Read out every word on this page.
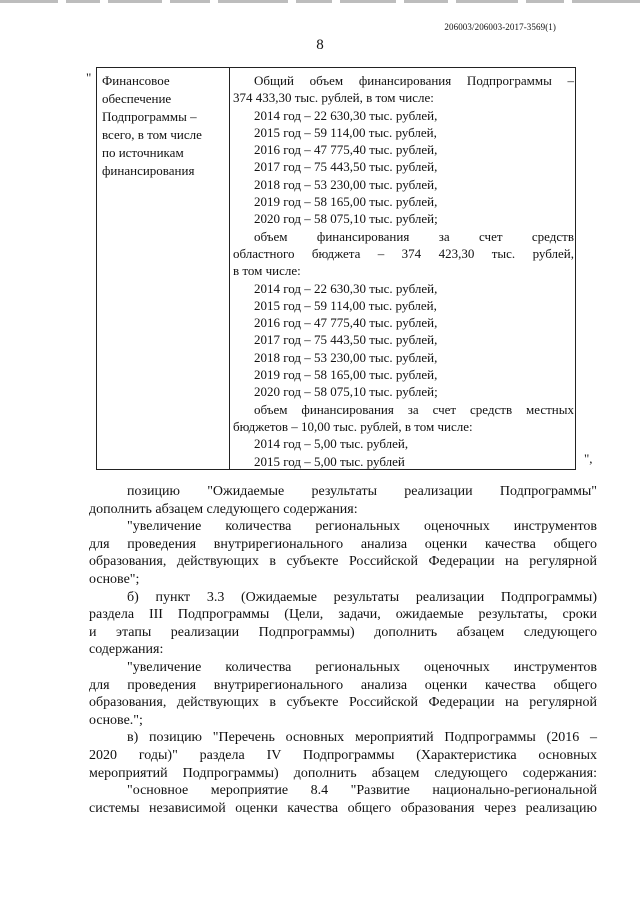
206003/206003-2017-3569(1)
8
" Финансовое
обеспечение
Подпрограммы –
всего, в том числе
по источникам
финансирования

Общий объем финансирования Подпрограммы –

374 433,30 тыс. рублей, в том числе:

2014 год – 22 630,30 тыс. рублей,

2015 год – 59 114,00 тыс. рублей,

2016 год – 47 775,40 тыс. рублей,

2017 год – 75 443,50 тыс. рублей,

2018 год – 53 230,00 тыс. рублей,

2019 год – 58 165,00 тыс. рублей,

2020 год – 58 075,10 тыс. рублей;

объем финансирования за счет средств

областного бюджета – 374 423,30 тыс. рублей,

в том числе:

2014 год – 22 630,30 тыс. рублей,

2015 год – 59 114,00 тыс. рублей,

2016 год – 47 775,40 тыс. рублей,

2017 год – 75 443,50 тыс. рублей,

2018 год – 53 230,00 тыс. рублей,

2019 год – 58 165,00 тыс. рублей,

2020 год – 58 075,10 тыс. рублей;

объем финансирования за счет средств местных

бюджетов – 10,00 тыс. рублей, в том числе:

2014 год – 5,00 тыс. рублей,

2015 год – 5,00 тыс. рублей	",

позицию "Ожидаемые результаты реализации Подпрограммы"

дополнить абзацем следующего содержания:

"увеличение количества региональных оценочных инструментов

для проведения внутрирегионального анализа оценки качества общего

образования, действующих в субъекте Российской Федерации на регулярной

основе";

б) пункт 3.3 (Ожидаемые результаты реализации Подпрограммы)

раздела III Подпрограммы (Цели, задачи, ожидаемые результаты, сроки

и этапы реализации Подпрограммы) дополнить абзацем следующего

содержания:

"увеличение количества региональных оценочных инструментов

для проведения внутрирегионального анализа оценки качества общего

образования, действующих в субъекте Российской Федерации на регулярной

основе.";

в) позицию "Перечень основных мероприятий Подпрограммы (2016 –

2020 годы)" раздела IV Подпрограммы (Характеристика основных

мероприятий Подпрограммы) дополнить абзацем следующего содержания:

"основное мероприятие 8.4 "Развитие национально-региональной

системы независимой оценки качества общего образования через реализацию
